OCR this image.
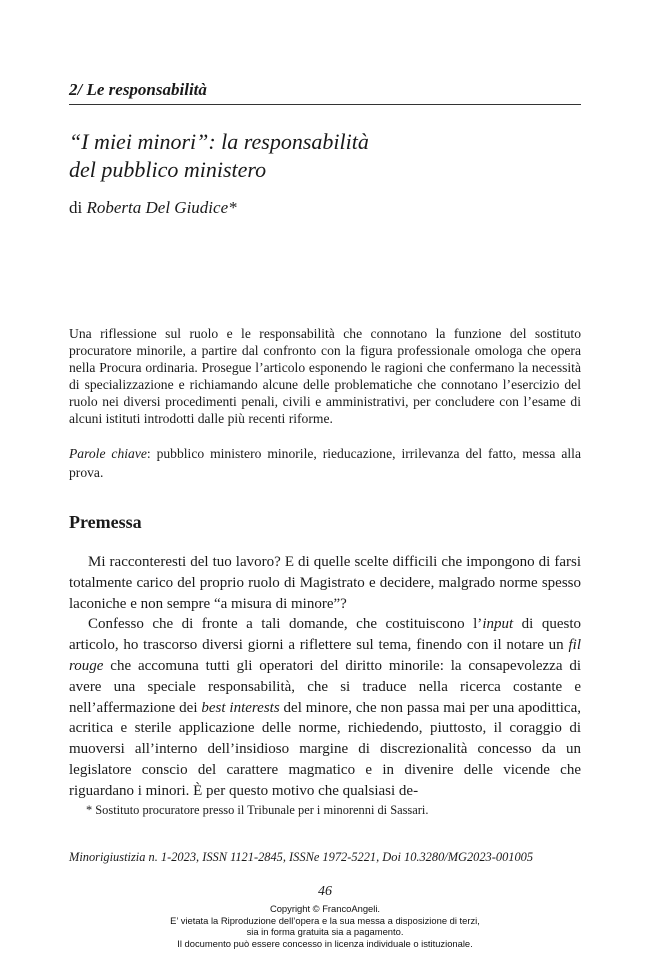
2/ Le responsabilità
“I miei minori”: la responsabilità
del pubblico ministero
di Roberta Del Giudice*
Una riflessione sul ruolo e le responsabilità che connotano la funzione del sostituto procuratore minorile, a partire dal confronto con la figura professionale omologa che opera nella Procura ordinaria. Prosegue l’articolo esponendo le ragioni che confermano la necessità di specializzazione e richiamando alcune delle problematiche che connotano l’esercizio del ruolo nei diversi procedimenti penali, civili e amministrativi, per concludere con l’esame di alcuni istituti introdotti dalle più recenti riforme.
Parole chiave: pubblico ministero minorile, rieducazione, irrilevanza del fatto, messa alla prova.
Premessa

Mi racconteresti del tuo lavoro? E di quelle scelte difficili che impongono di farsi totalmente carico del proprio ruolo di Magistrato e decidere, malgrado norme spesso laconiche e non sempre “a misura di minore”?

Confesso che di fronte a tali domande, che costituiscono l’input di questo articolo, ho trascorso diversi giorni a riflettere sul tema, finendo con il notare un fil rouge che accomuna tutti gli operatori del diritto minorile: la consapevolezza di avere una speciale responsabilità, che si traduce nella ricerca costante e nell’affermazione dei best interests del minore, che non passa mai per una apodittica, acritica e sterile applicazione delle norme, richiedendo, piuttosto, il coraggio di muoversi all’interno dell’insidioso margine di discrezionalità concesso da un legislatore conscio del carattere magmatico e in divenire delle vicende che riguardano i minori. È per questo motivo che qualsiasi de-

* Sostituto procuratore presso il Tribunale per i minorenni di Sassari.
Minorigiustizia n. 1-2023, ISSN 1121-2845, ISSNe 1972-5221, Doi 10.3280/MG2023-001005
46
Copyright © FrancoAngeli.
E’ vietata la Riproduzione dell’opera e la sua messa a disposizione di terzi,
sia in forma gratuita sia a pagamento.
Il documento può essere concesso in licenza individuale o istituzionale.
